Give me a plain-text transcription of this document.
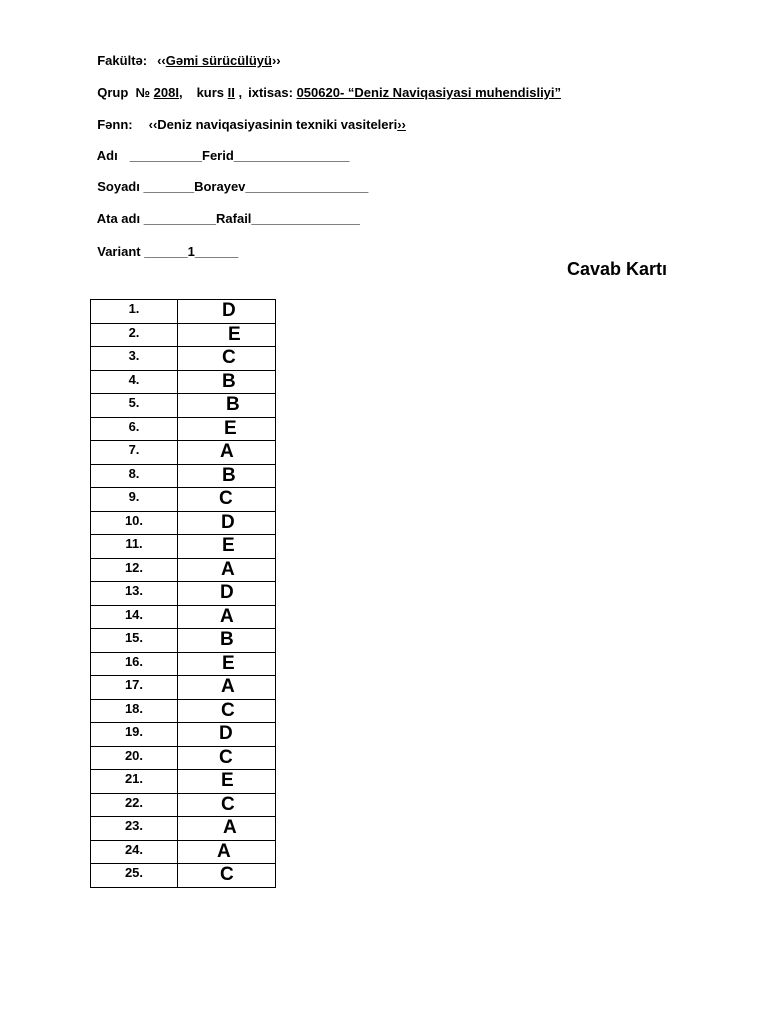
Fakültə: ‹‹Gəmi sürücülüyü››

Qrup  № 208I, kurs II , ixtisas: 050620- “Deniz Naviqasiyasi muhendisliyi”

Fənn: ‹‹Deniz naviqasiyasinin texniki vasiteleri››

Adı __________Ferid________________

Soyadı _______Borayev_________________

Ata adı __________Rafail_______________

Variant ______1______

Cavab Kartı
1.	D
2.	E
3.	C
4.	B
5.	B
6.	E
7.	A
8.	B
9.	C
10.	D
11.	E
12.	A
13.	D
14.	A
15.	B
16.	E
17.	A
18.	C
19.	D
20.	C
21.	E
22.	C
23.	A
24.	A
25.	C
